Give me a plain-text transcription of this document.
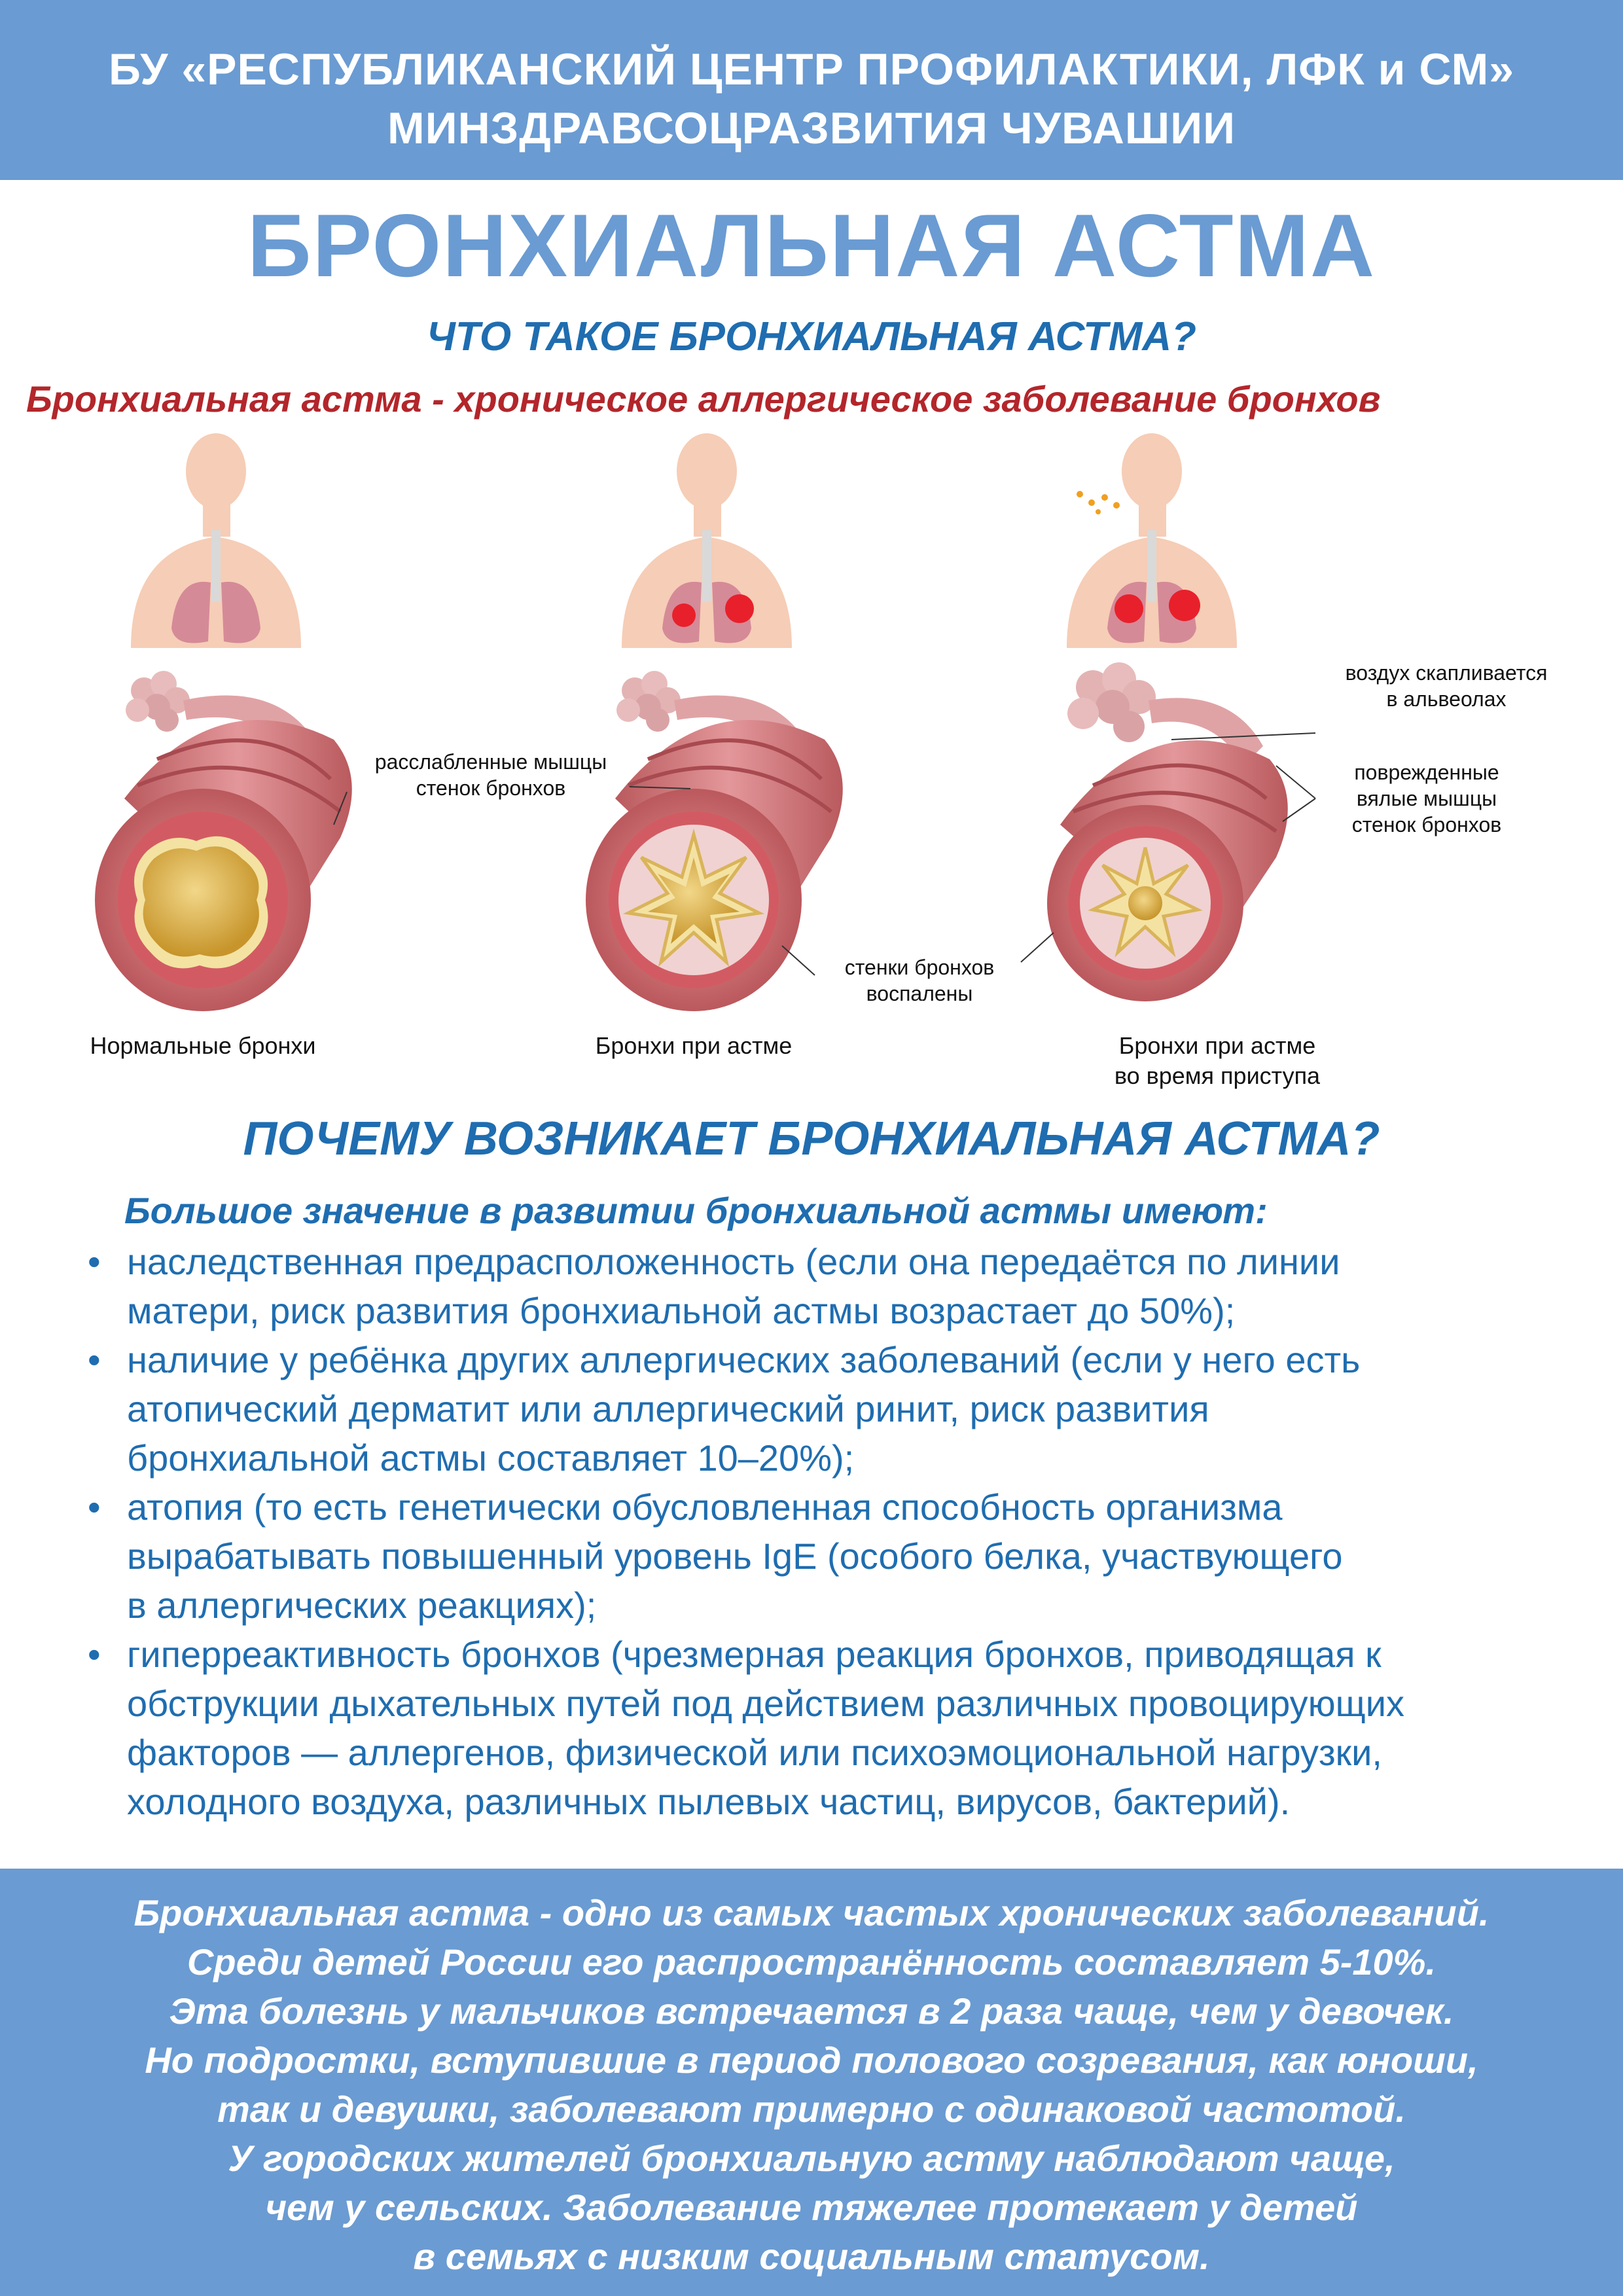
БУ «РЕСПУБЛИКАНСКИЙ ЦЕНТР ПРОФИЛАКТИКИ, ЛФК и СМ»
МИНЗДРАВСОЦРАЗВИТИЯ ЧУВАШИИ
БРОНХИАЛЬНАЯ АСТМА
ЧТО ТАКОЕ БРОНХИАЛЬНАЯ АСТМА?
Бронхиальная астма - хроническое аллергическое заболевание бронхов
расслабленные мышцы
стенок бронхов
стенки бронхов
воспалены
воздух скапливается
в альвеолах
поврежденные
вялые мышцы
стенок бронхов
Нормальные бронхи	Бронхи при астме	Бронхи при астме
во время приступа
ПОЧЕМУ ВОЗНИКАЕТ БРОНХИАЛЬНАЯ АСТМА?
Большое значение в развитии бронхиальной астмы имеют:
• наследственная предрасположенность (если она передаётся по линии
матери, риск развития бронхиальной астмы возрастает до 50%);
• наличие у ребёнка других аллергических заболеваний (если у него есть
атопический дерматит или аллергический ринит, риск развития
бронхиальной астмы составляет 10–20%);
• атопия (то есть генетически обусловленная способность организма
вырабатывать повышенный уровень IgE (особого белка, участвующего
в аллергических реакциях);
• гиперреактивность бронхов (чрезмерная реакция бронхов, приводящая к
обструкции дыхательных путей под действием различных провоцирующих
факторов — аллергенов, физической или психоэмоциональной нагрузки,
холодного воздуха, различных пылевых частиц, вирусов, бактерий).
Бронхиальная астма - одно из самых частых хронических заболеваний.
Среди детей России его распространённость составляет 5-10%.
Эта болезнь у мальчиков встречается в 2 раза чаще, чем у девочек.
Но подростки, вступившие в период полового созревания, как юноши,
так и девушки, заболевают примерно с одинаковой частотой.
У городских жителей бронхиальную астму наблюдают чаще,
чем у сельских. Заболевание тяжелее протекает у детей
в семьях с низким социальным статусом.
